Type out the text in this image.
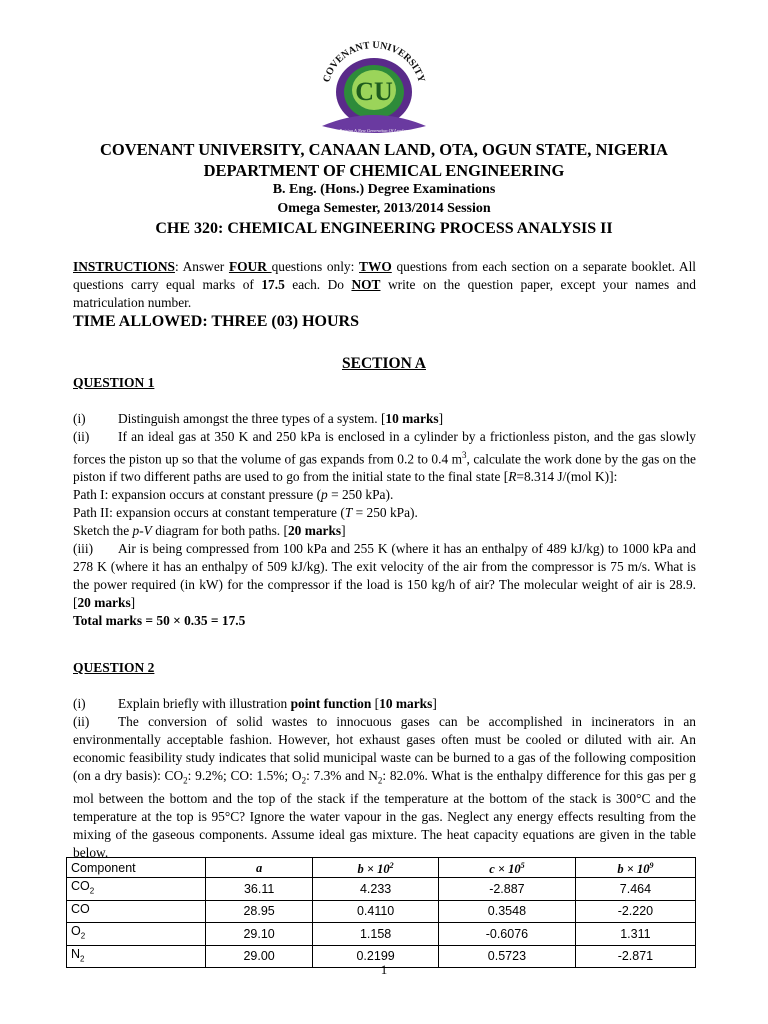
COVENANT UNIVERSITY
CU
Raising A New Generation Of Leaders
COVENANT UNIVERSITY, CANAAN LAND, OTA, OGUN STATE, NIGERIA
DEPARTMENT OF CHEMICAL ENGINEERING
B. Eng. (Hons.) Degree Examinations
Omega Semester, 2013/2014 Session
CHE 320: CHEMICAL ENGINEERING PROCESS ANALYSIS II
INSTRUCTIONS: Answer FOUR questions only: TWO questions from each section on a separate booklet. All questions carry equal marks of 17.5 each. Do NOT write on the question paper, except your names and matriculation number.
TIME ALLOWED: THREE (03) HOURS
SECTION A
QUESTION 1
(i) Distinguish amongst the three types of a system. [10 marks]
(ii) If an ideal gas at 350 K and 250 kPa is enclosed in a cylinder by a frictionless piston, and the gas slowly forces the piston up so that the volume of gas expands from 0.2 to 0.4 $m^3$, calculate the work done by the gas on the piston if two different paths are used to go from the initial state to the final state [R=8.314 J/(mol K)]:
Path I: expansion occurs at constant pressure (p = 250 kPa).
Path II: expansion occurs at constant temperature (T = 250 kPa).
Sketch the p-V diagram for both paths. [20 marks]
(iii) Air is being compressed from 100 kPa and 255 K (where it has an enthalpy of 489 kJ/kg) to 1000 kPa and 278 K (where it has an enthalpy of 509 kJ/kg). The exit velocity of the air from the compressor is 75 m/s. What is the power required (in kW) for the compressor if the load is 150 kg/h of air? The molecular weight of air is 28.9. [20 marks]
Total marks = 50 × 0.35 = 17.5
QUESTION 2
(i) Explain briefly with illustration point function [10 marks]
(ii) The conversion of solid wastes to innocuous gases can be accomplished in incinerators in an environmentally acceptable fashion. However, hot exhaust gases often must be cooled or diluted with air. An economic feasibility study indicates that solid municipal waste can be burned to a gas of the following composition (on a dry basis): $CO_2$: 9.2%; CO: 1.5%; $O_2$: 7.3% and $N_2$: 82.0%. What is the enthalpy difference for this gas per g mol between the bottom and the top of the stack if the temperature at the bottom of the stack is 300°C and the temperature at the top is 95°C? Ignore the water vapour in the gas. Neglect any energy effects resulting from the mixing of the gaseous components. Assume ideal gas mixture. The heat capacity equations are given in the table below.
Component	a	$b \times 10^2$	$c \times 10^5$	$b \times 10^9$
$CO_2$	36.11	4.233	-2.887	7.464
CO	28.95	0.4110	0.3548	-2.220
$O_2$	29.10	1.158	-0.6076	1.311
$N_2$	29.00	0.2199	0.5723	-2.871
1
